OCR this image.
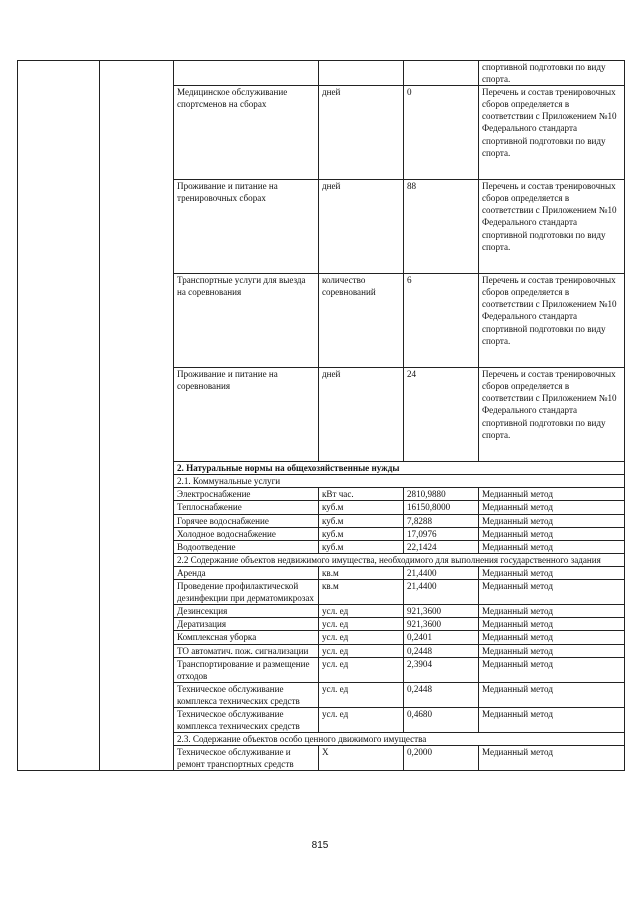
					спортивной подготовки по виду спорта.
		Медицинское обслуживание спортсменов на сборах	дней	0	Перечень и состав тренировочных сборов определяется в соответствии с Приложением №10 Федерального стандарта спортивной подготовки по виду спорта.
		Проживание и питание на тренировочных сборах	дней	88	Перечень и состав тренировочных сборов определяется в соответствии с Приложением №10 Федерального стандарта спортивной подготовки по виду спорта.
		Транспортные услуги для выезда на соревнования	количество соревнований	6	Перечень и состав тренировочных сборов определяется в соответствии с Приложением №10 Федерального стандарта спортивной подготовки по виду спорта.
		Проживание и питание на соревнования	дней	24	Перечень и состав тренировочных сборов определяется в соответствии с Приложением №10 Федерального стандарта спортивной подготовки по виду спорта.
		2. Натуральные нормы на общехозяйственные нужды			
		2.1. Коммунальные услуги			
		Электроснабжение	кВт час.	2810,9880	Медианный метод
		Теплоснабжение	куб.м	16150,8000	Медианный метод
		Горячее водоснабжение	куб.м	7,8288	Медианный метод
		Холодное водоснабжение	куб.м	17,0976	Медианный метод
		Водоотведение	куб.м	22,1424	Медианный метод
		2.2 Содержание объектов недвижимого имущества, необходимого для выполнения государственного задания			
		Аренда	кв.м	21,4400	Медианный метод
		Проведение профилактической дезинфекции при дерматомикрозах	кв.м	21,4400	Медианный метод
		Дезинсекция	усл. ед	921,3600	Медианный метод
		Дератизация	усл. ед	921,3600	Медианный метод
		Комплексная уборка	усл. ед	0,2401	Медианный метод
		ТО автоматич. пож. сигнализации	усл. ед	0,2448	Медианный метод
		Транспортирование и размещение отходов	усл. ед	2,3904	Медианный метод
		Техническое обслуживание комплекса технических средств	усл. ед	0,2448	Медианный метод
		Техническое обслуживание комплекса технических средств	усл. ед	0,4680	Медианный метод
		2.3. Содержание объектов особо ценного движимого имущества			
		Техническое обслуживание и ремонт транспортных средств	Х	0,2000	Медианный метод
815
